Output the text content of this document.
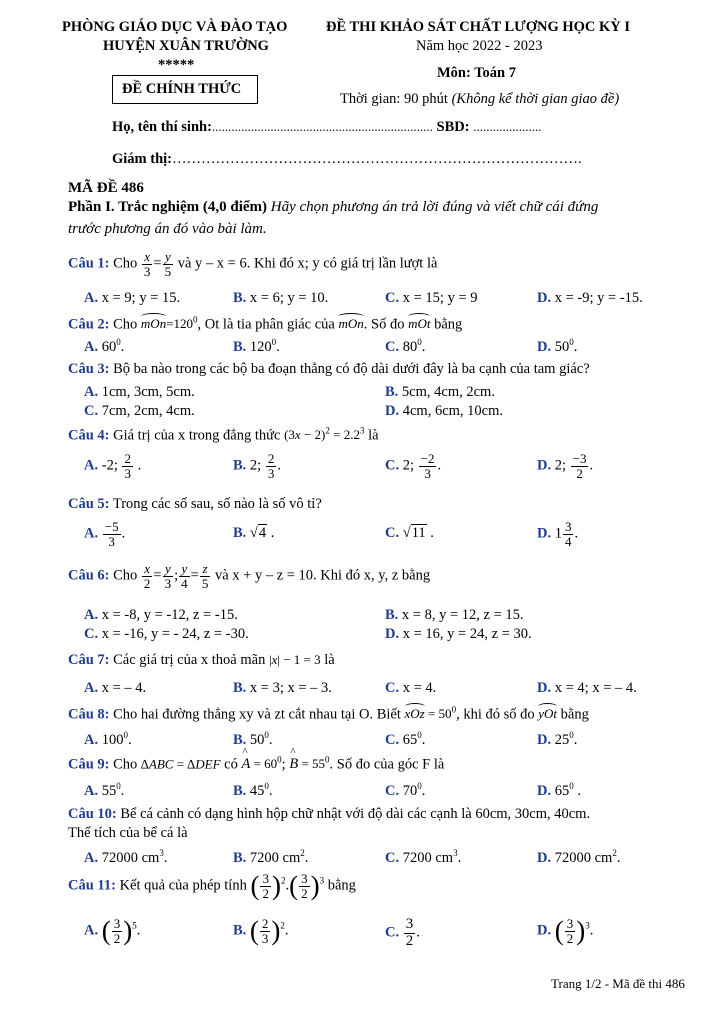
PHÒNG GIÁO DỤC VÀ ĐÀO TẠO
HUYỆN XUÂN TRƯỜNG
*****
ĐỀ CHÍNH THỨC
ĐỀ THI KHẢO SÁT CHẤT LƯỢNG HỌC KỲ I
Năm học 2022 - 2023
Môn: Toán 7
Thời gian: 90 phút (Không kể thời gian giao đề)
Họ, tên thí sinh:.................................................................... SBD: .....................
Giám thị:………………………………………………………………………….
MÃ ĐỀ 486
Phần I. Trắc nghiệm (4,0 điểm) Hãy chọn phương án trả lời đúng và viết chữ cái đứng
trước phương án đó vào bài làm.
Câu 1: Cho $\frac{x}{3} = \frac{y}{5}$ và y – x = 6. Khi đó x; y có giá trị lần lượt là
A. x = 9; y = 15.	B. x = 6; y = 10.	C. x = 15; y = 9	D. x = -9; y = -15.
Câu 2: Cho $mOn=120^0$, Ot là tia phân giác của mOn. Số đo mOt bằng
A. $60^0$.	B. $120^0$.	C. $80^0$.	D. $50^0$.
Câu 3: Bộ ba nào trong các bộ ba đoạn thẳng có độ dài dưới đây là ba cạnh của tam giác?
A. 1cm, 3cm, 5cm.	B. 5cm, 4cm, 2cm.
C. 7cm, 2cm, 4cm.	D. 4cm, 6cm, 10cm.
Câu 4: Giá trị của x trong đẳng thức $(3x - 2)^2 = 2.2^3$ là
A. -2; $\frac{2}{3}$ .	B. 2; $\frac{2}{3}$ .	C. 2; $\frac{-2}{3}$ .	D. 2; $\frac{-3}{2}$ .
Câu 5: Trong các số sau, số nào là số vô tỉ?
A. $\frac{-5}{3}$ .	B. √4 .	C. √11 .	D. $1 \frac{3}{4}$ .
Câu 6: Cho $\frac{x}{2} = \frac{y}{3}$ ; $\frac{y}{4} = \frac{z}{5}$ và x + y – z = 10. Khi đó x, y, z bằng
A. x = -8, y = -12, z = -15.	B. x = 8, y = 12, z = 15.
C. x = -16, y = - 24, z = -30.	D. x = 16, y = 24, z = 30.
Câu 7: Các giá trị của x thoả mãn |x| − 1 = 3 là
A. x = – 4.	B. x = 3; x = – 3.	C. x = 4.	D. x = 4; x = – 4.
Câu 8: Cho hai đường thẳng xy và zt cắt nhau tại O. Biết xOz = $50^0$, khi đó số đo yOt bằng
A. $100^0$.	B. $50^0$.	C. $65^0$.	D. $25^0$.
Câu 9: Cho ∆ABC = ∆DEF có ^ $A = 60^0$; ^ $B = 55^0$. Số đo của góc F là
A. $55^0$.	B. $45^0$.	C. $70^0$.	D. $65^0$ .
Câu 10: Bể cá cảnh có dạng hình hộp chữ nhật với độ dài các cạnh là 60cm, 30cm, 40cm.
Thể tích của bể cá là
A. 72000 $cm^3$.	B. 7200 $cm^2$.	C. 7200 $cm^3$.	D. 72000 $cm^2$.
Câu 11: Kết quả của phép tính ( $\frac{3}{2} )^2.( \frac{3}{2} )^3$ bằng
A. ( $\frac{3}{2} )^5$.	B. ( $\frac{2}{3} )^2$.	C. $\frac{3}{2}$ .	D. ( $\frac{3}{2} )^3$.
Trang 1/2 - Mã đề thi 486
